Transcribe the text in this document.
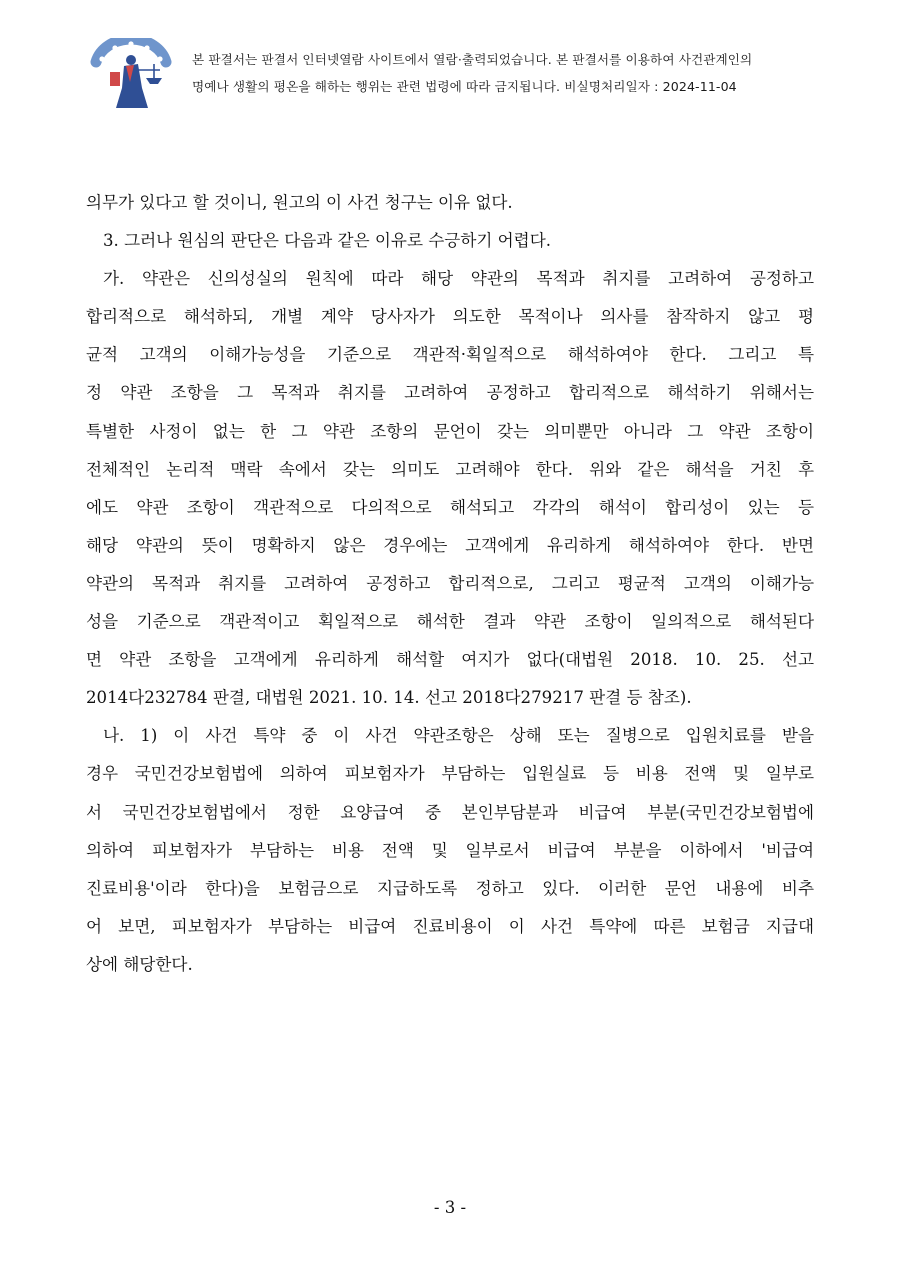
본 판결서는 판결서 인터넷열람 사이트에서 열람·출력되었습니다. 본 판결서를 이용하여 사건관계인의
명예나 생활의 평온을 해하는 행위는 관련 법령에 따라 금지됩니다. 비실명처리일자 : 2024-11-04
의무가 있다고 할 것이니, 원고의 이 사건 청구는 이유 없다.
3. 그러나 원심의 판단은 다음과 같은 이유로 수긍하기 어렵다.
가. 약관은 신의성실의 원칙에 따라 해당 약관의 목적과 취지를 고려하여 공정하고
합리적으로 해석하되, 개별 계약 당사자가 의도한 목적이나 의사를 참작하지 않고 평
균적 고객의 이해가능성을 기준으로 객관적·획일적으로 해석하여야 한다. 그리고 특
정 약관 조항을 그 목적과 취지를 고려하여 공정하고 합리적으로 해석하기 위해서는
특별한 사정이 없는 한 그 약관 조항의 문언이 갖는 의미뿐만 아니라 그 약관 조항이
전체적인 논리적 맥락 속에서 갖는 의미도 고려해야 한다. 위와 같은 해석을 거친 후
에도 약관 조항이 객관적으로 다의적으로 해석되고 각각의 해석이 합리성이 있는 등
해당 약관의 뜻이 명확하지 않은 경우에는 고객에게 유리하게 해석하여야 한다. 반면
약관의 목적과 취지를 고려하여 공정하고 합리적으로, 그리고 평균적 고객의 이해가능
성을 기준으로 객관적이고 획일적으로 해석한 결과 약관 조항이 일의적으로 해석된다
면 약관 조항을 고객에게 유리하게 해석할 여지가 없다(대법원 2018. 10. 25. 선고
2014다232784 판결, 대법원 2021. 10. 14. 선고 2018다279217 판결 등 참조).
나. 1) 이 사건 특약 중 이 사건 약관조항은 상해 또는 질병으로 입원치료를 받을
경우 국민건강보험법에 의하여 피보험자가 부담하는 입원실료 등 비용 전액 및 일부로
서 국민건강보험법에서 정한 요양급여 중 본인부담분과 비급여 부분(국민건강보험법에
의하여 피보험자가 부담하는 비용 전액 및 일부로서 비급여 부분을 이하에서 '비급여
진료비용'이라 한다)을 보험금으로 지급하도록 정하고 있다. 이러한 문언 내용에 비추
어 보면, 피보험자가 부담하는 비급여 진료비용이 이 사건 특약에 따른 보험금 지급대
상에 해당한다.
- 3 -
